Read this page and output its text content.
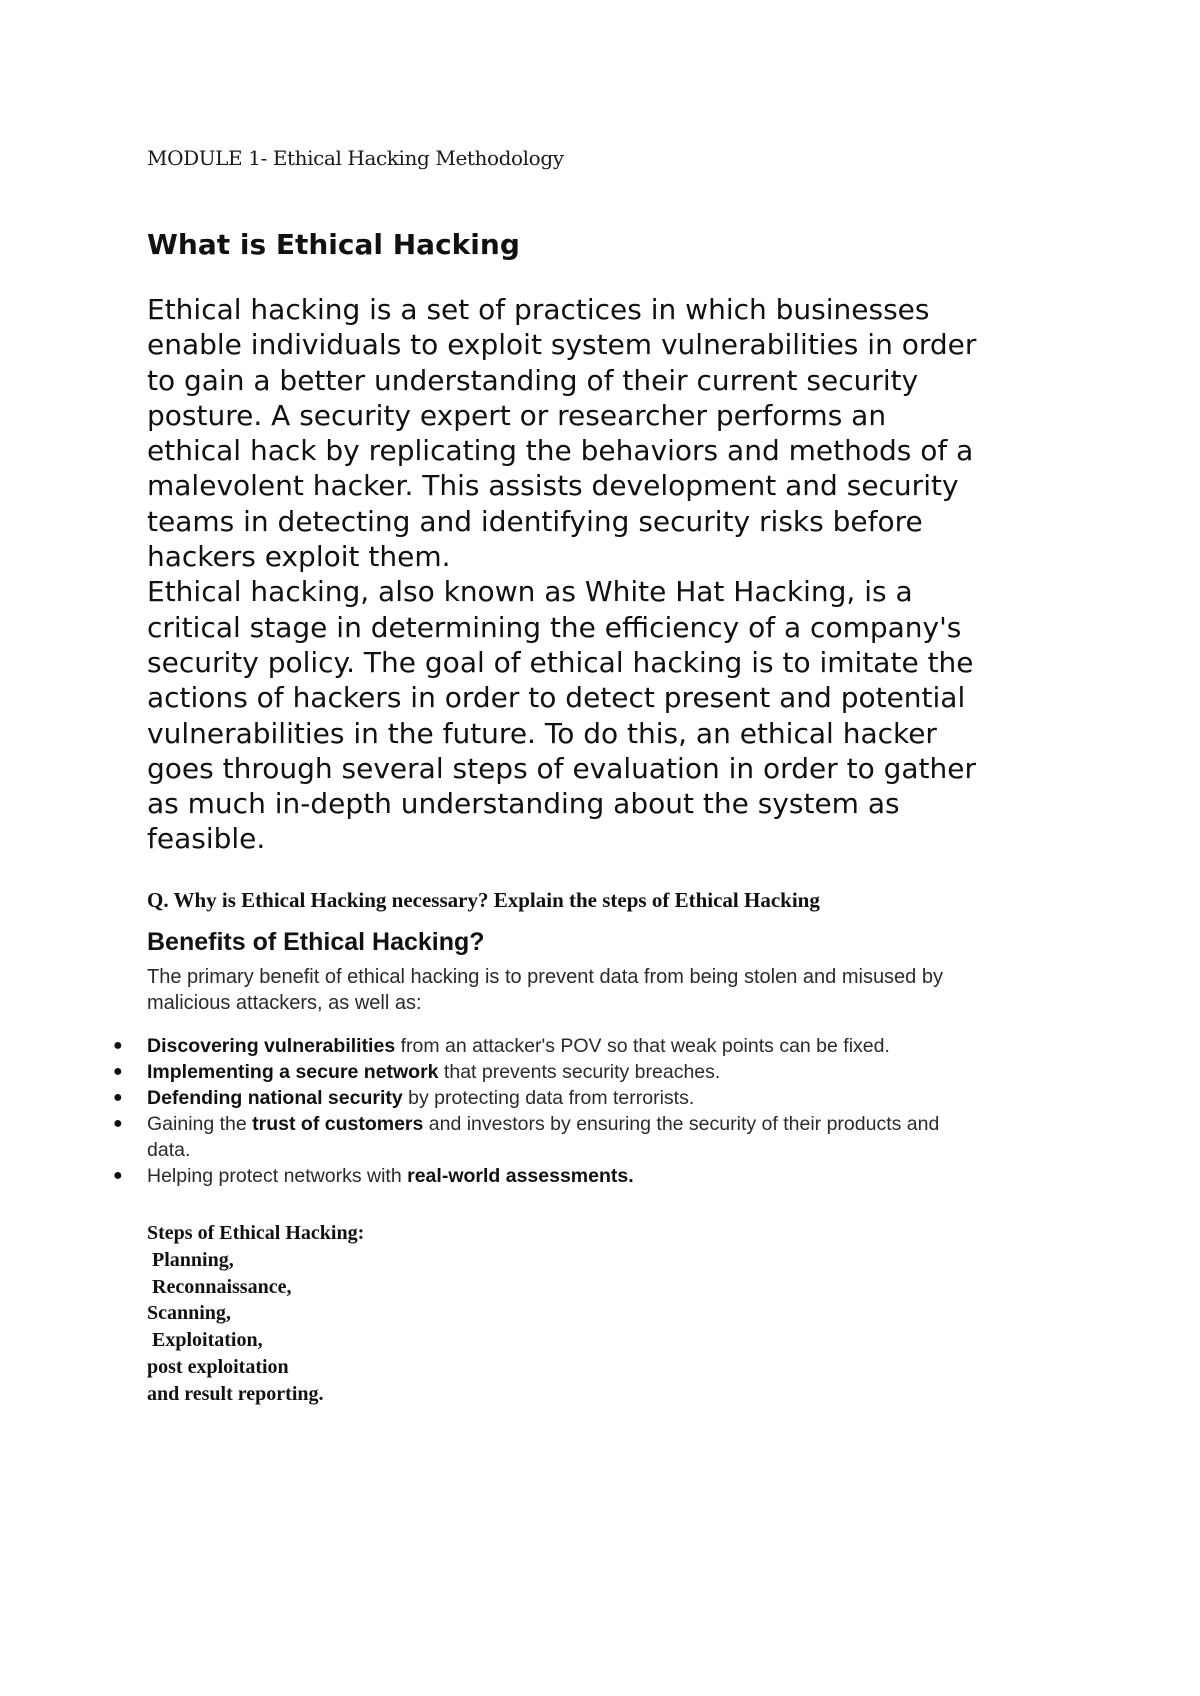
MODULE 1- Ethical Hacking Methodology
What is Ethical Hacking

Ethical hacking is a set of practices in which businesses
enable individuals to exploit system vulnerabilities in order
to gain a better understanding of their current security
posture. A security expert or researcher performs an
ethical hack by replicating the behaviors and methods of a
malevolent hacker. This assists development and security
teams in detecting and identifying security risks before
hackers exploit them.

Ethical hacking, also known as White Hat Hacking, is a
critical stage in determining the efficiency of a company's
security policy. The goal of ethical hacking is to imitate the
actions of hackers in order to detect present and potential
vulnerabilities in the future. To do this, an ethical hacker
goes through several steps of evaluation in order to gather
as much in-depth understanding about the system as
feasible.

Q. Why is Ethical Hacking necessary? Explain the steps of Ethical Hacking
Benefits of Ethical Hacking?
The primary benefit of ethical hacking is to prevent data from being stolen and misused by
malicious attackers, as well as:
● Discovering vulnerabilities from an attacker's POV so that weak points can be fixed.
● Implementing a secure network that prevents security breaches.
● Defending national security by protecting data from terrorists.
● Gaining the trust of customers and investors by ensuring the security of their products and
data.
● Helping protect networks with real-world assessments.
Steps of Ethical Hacking:
Planning,
Reconnaissance,
Scanning,
Exploitation,
post exploitation
and result reporting.
